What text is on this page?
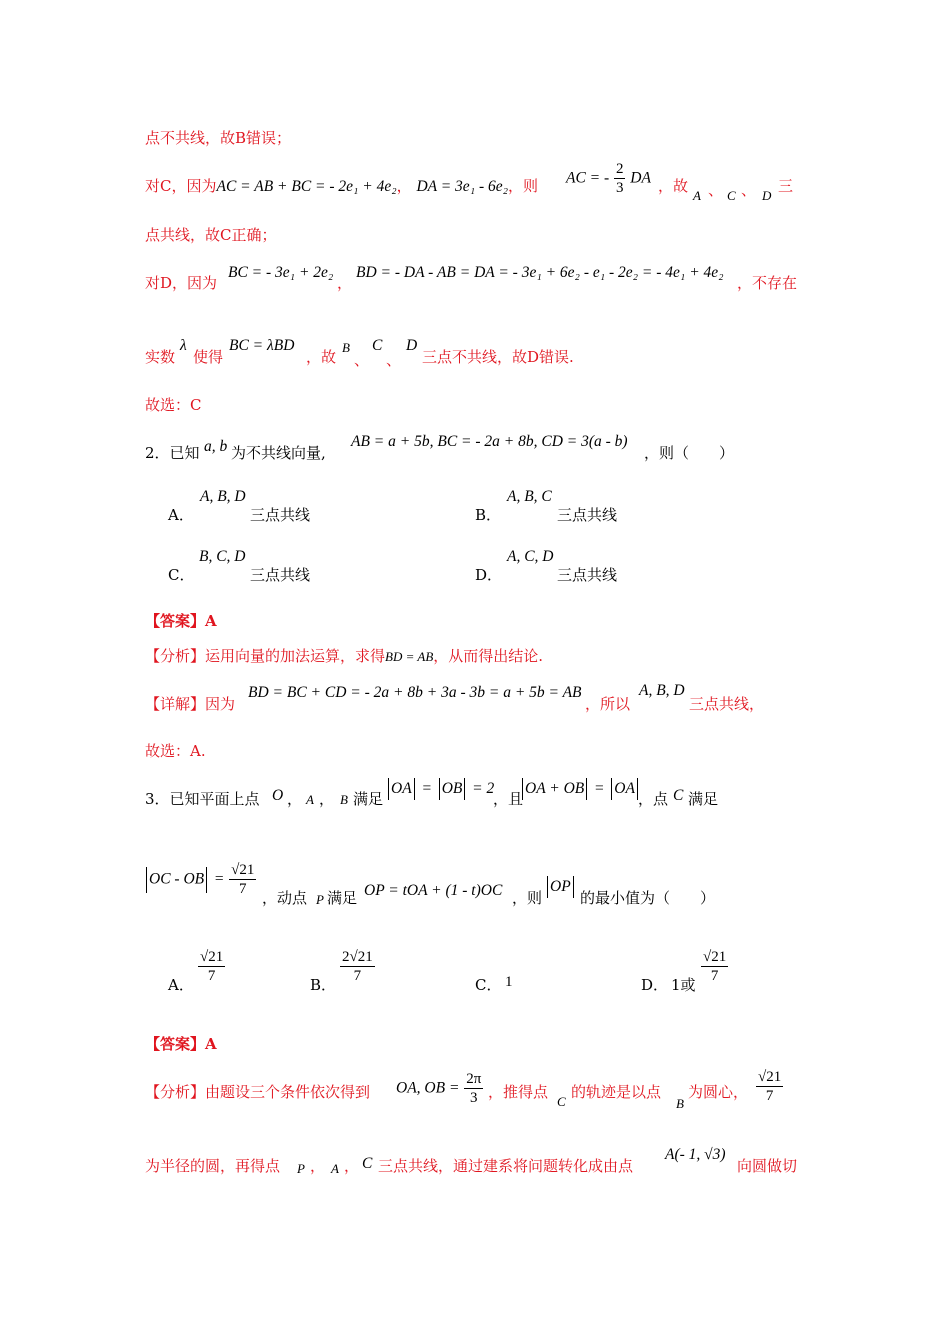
点不共线，故B错误；
对C，因为AC = AB + BC = - 2e₁ + 4e₂， DA = 3e₁ - 6e₂，则 AC = - $\frac{2}{3}$ DA ，故
A 、 C 、 D
三
点共线，故C正确；
对D，因为
BC = - 3e₁ + 2e₂
，
BD = - DA - AB = DA = - 3e₁ + 6e₂ - e₁ - 2e₂ = - 4e₁ + 4e₂
，不存在
实数
λ
使得
BC = λBD
，故
B
、
C
、
D
三点不共线，故D错误.
故选：C
2．已知 a, b 为不共线向量,
AB = a + 5b, BC = - 2a + 8b, CD = 3(a - b)
，则（　　）
A．
A, B, D
三点共线	B．
A, B, C
三点共线
C．
B, C, D
三点共线	D．
A, C, D
三点共线
【答案】A
【分析】运用向量的加法运算，求得BD = AB，从而得出结论.
【详解】因为
BD = BC + CD = - 2a + 8b + 3a - 3b = a + 5b = AB
，所以
A, B, D
三点共线，
故选：A.
3．已知平面上点 O ， A ， B 满足
OA = OB = 2
，且
OA + OB = OA
，点 C 满足
OC - OB = $\frac{√21}{7}$ ，动点 P 满足 OP = tOA + (1 - t)OC ，则
OP
的最小值为（　　）
A． $\frac{√21}{7}$	B． $\frac{2√21}{7}$	C． 1	D． 1或 $\frac{√21}{7}$
【答案】A
【分析】由题设三个条件依次得到 OA, OB = $\frac{2\pi}{3}$ ，推得点
C
的轨迹是以点
B
为圆心， $\frac{√21}{7}$
为半径的圆，再得点 P ， A ， C 三点共线，通过建系将问题转化成由点
A(- 1, √3)
向圆做切
